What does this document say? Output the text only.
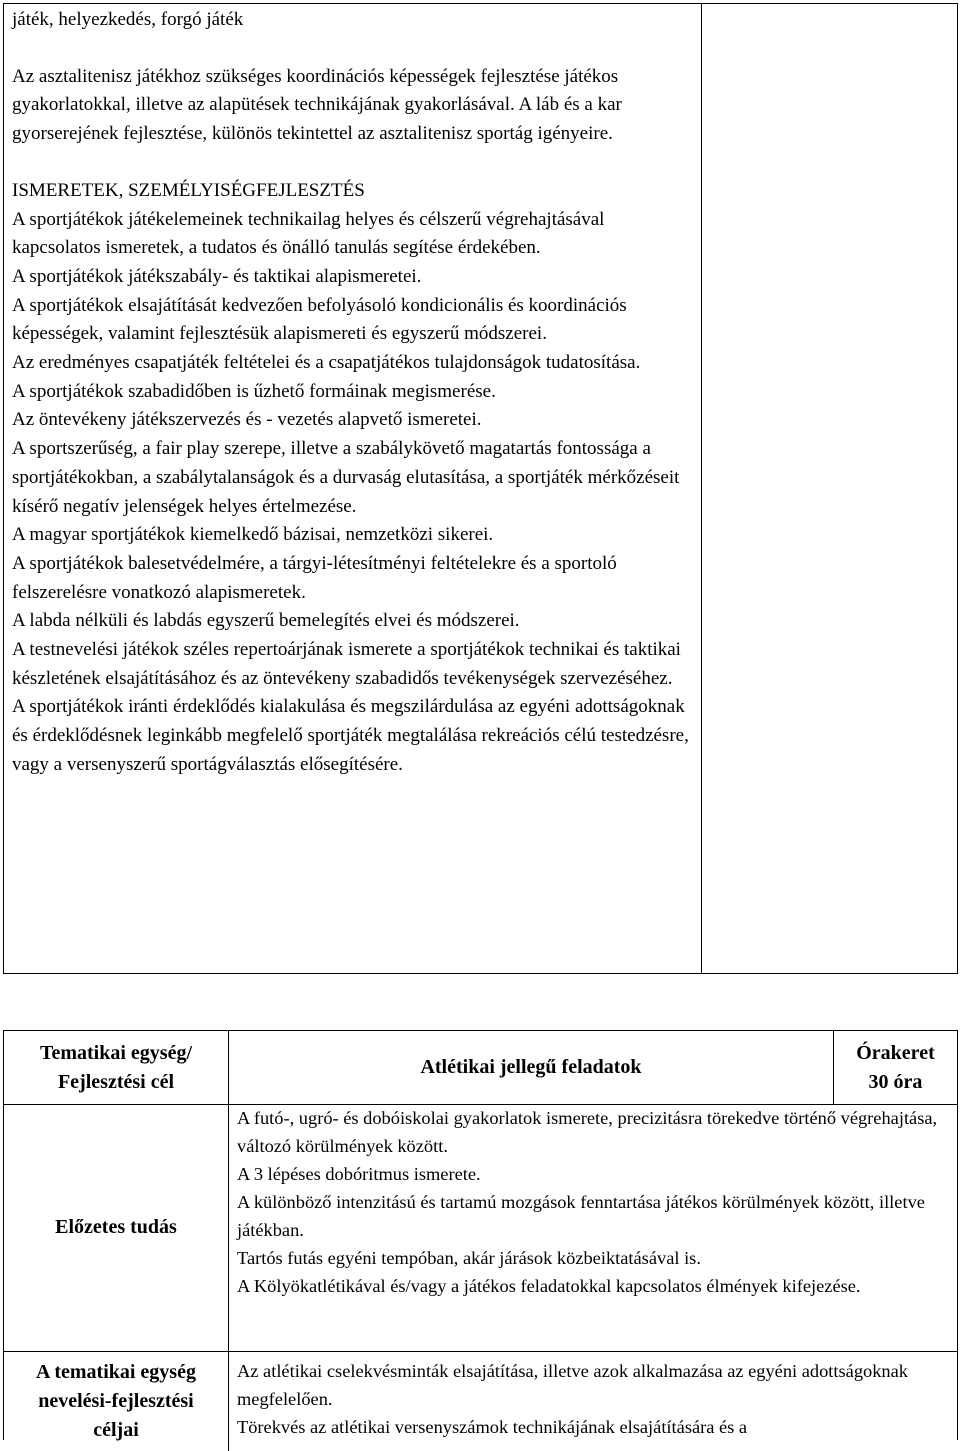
játék, helyezkedés, forgó játék

Az asztalitenisz játékhoz szükséges koordinációs képességek fejlesztése játékos gyakorlatokkal, illetve az alapütések technikájának gyakorlásával. A láb és a kar gyorserejének fejlesztése, különös tekintettel az asztalitenisz sportág igényeire.

ISMERETEK, SZEMÉLYISÉGFEJLESZTÉS

A sportjátékok játékelemeinek technikailag helyes és célszerű végrehajtásával kapcsolatos ismeretek, a tudatos és önálló tanulás segítése érdekében.

A sportjátékok játékszabály- és taktikai alapismeretei.

A sportjátékok elsajátítását kedvezően befolyásoló kondicionális és koordinációs képességek, valamint fejlesztésük alapismereti és egyszerű módszerei.

Az eredményes csapatjáték feltételei és a csapatjátékos tulajdonságok tudatosítása.

A sportjátékok szabadidőben is űzhető formáinak megismerése.

Az öntevékeny játékszervezés és - vezetés alapvető ismeretei.

A sportszerűség, a fair play szerepe, illetve a szabálykövető magatartás fontossága a sportjátékokban, a szabálytalanságok és a durvaság elutasítása, a sportjáték mérkőzéseit kísérő negatív jelenségek helyes értelmezése.

A magyar sportjátékok kiemelkedő bázisai, nemzetközi sikerei.

A sportjátékok balesetvédelmére, a tárgyi-létesítményi feltételekre és a sportoló felszerelésre vonatkozó alapismeretek.

A labda nélküli és labdás egyszerű bemelegítés elvei és módszerei.

A testnevelési játékok széles repertoárjának ismerete a sportjátékok technikai és taktikai készletének elsajátításához és az öntevékeny szabadidős tevékenységek szervezéséhez.

A sportjátékok iránti érdeklődés kialakulása és megszilárdulása az egyéni adottságoknak és érdeklődésnek leginkább megfelelő sportjáték megtalálása rekreációs célú testedzésre, vagy a versenyszerű sportágválasztás elősegítésére.

Tematikai egység/
Fejlesztési cél
Atlétikai jellegű feladatok
Órakeret
30 óra
Előzetes tudás

A futó-, ugró- és dobóiskolai gyakorlatok ismerete, precizitásra törekedve történő végrehajtása, változó körülmények között.

A 3 lépéses dobóritmus ismerete.

A különböző intenzitású és tartamú mozgások fenntartása játékos körülmények között, illetve játékban.

Tartós futás egyéni tempóban, akár járások közbeiktatásával is.

A Kölyökatlétikával és/vagy a játékos feladatokkal kapcsolatos élmények kifejezése.

A tematikai egység
nevelési-fejlesztési
céljai

Az atlétikai cselekvésminták elsajátítása, illetve azok alkalmazása az egyéni adottságoknak megfelelően.

Törekvés az atlétikai versenyszámok technikájának elsajátítására és a
